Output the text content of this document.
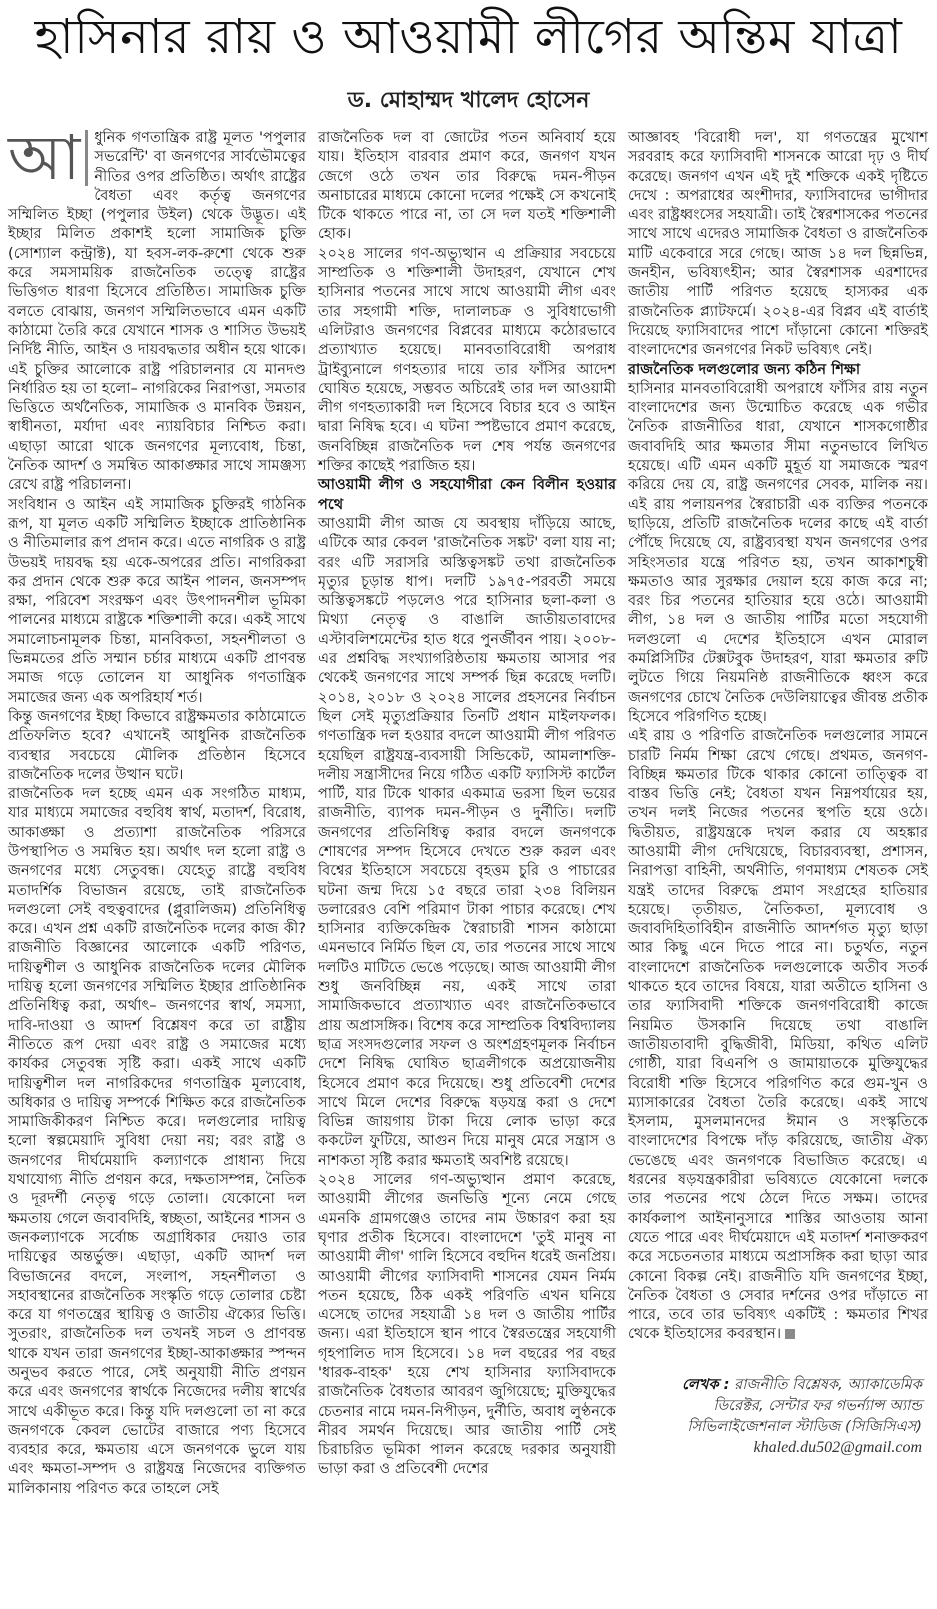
হাসিনার রায় ও আওয়ামী লীগের অন্তিম যাত্রা
ড. মোহাম্মদ খালেদ হোসেন
আ ধুনিক গণতান্ত্রিক রাষ্ট্র মূলত 'পপুলার সভরেন্টি' বা জনগণের সার্বভৌমত্বের নীতির ওপর প্রতিষ্ঠিত। অর্থাৎ রাষ্ট্রের বৈধতা এবং কর্তৃত্ব জনগণের সম্মিলিত ইচ্ছা (পপুলার উইল) থেকে উদ্ভূত। এই ইচ্ছার মিলিত প্রকাশই হলো সামাজিক চুক্তি (সোশ্যাল কন্ট্রাক্ট), যা হবস-লক-রুশো থেকে শুরু করে সমসাময়িক রাজনৈতিক তত্ত্বে রাষ্ট্রের ভিত্তিগত ধারণা হিসেবে প্রতিষ্ঠিত। সামাজিক চুক্তি বলতে বোঝায়, জনগণ সম্মিলিতভাবে এমন একটি কাঠামো তৈরি করে যেখানে শাসক ও শাসিত উভয়ই নির্দিষ্ট নীতি, আইন ও দায়বদ্ধতার অধীন হয়ে থাকে। এই চুক্তির আলোকে রাষ্ট্র পরিচালনার যে মানদণ্ড নির্ধারিত হয় তা হলো– নাগরিকের নিরাপত্তা, সমতার ভিত্তিতে অর্থনৈতিক, সামাজিক ও মানবিক উন্নয়ন, স্বাধীনতা, মর্যাদা এবং ন্যায়বিচার নিশ্চিত করা। এছাড়া আরো থাকে জনগণের মূল্যবোধ, চিন্তা, নৈতিক আদর্শ ও সমন্বিত আকাঙ্ক্ষার সাথে সামঞ্জস্য রেখে রাষ্ট্র পরিচালনা।

সংবিধান ও আইন এই সামাজিক চুক্তিরই গাঠনিক রূপ, যা মূলত একটি সম্মিলিত ইচ্ছাকে প্রাতিষ্ঠানিক ও নীতিমালার রূপ প্রদান করে। এতে নাগরিক ও রাষ্ট্র উভয়ই দায়বদ্ধ হয় একে-অপরের প্রতি। নাগরিকরা কর প্রদান থেকে শুরু করে আইন পালন, জনসম্পদ রক্ষা, পরিবেশ সংরক্ষণ এবং উৎপাদনশীল ভূমিকা পালনের মাধ্যমে রাষ্ট্রকে শক্তিশালী করে। একই সাথে সমালোচনামূলক চিন্তা, মানবিকতা, সহনশীলতা ও ভিন্নমতের প্রতি সম্মান চর্চার মাধ্যমে একটি প্রাণবন্ত সমাজ গড়ে তোলেন যা আধুনিক গণতান্ত্রিক সমাজের জন্য এক অপরিহার্য শর্ত।

কিন্তু জনগণের ইচ্ছা কিভাবে রাষ্ট্রক্ষমতার কাঠামোতে প্রতিফলিত হবে? এখানেই আধুনিক রাজনৈতিক ব্যবস্থার সবচেয়ে মৌলিক প্রতিষ্ঠান হিসেবে রাজনৈতিক দলের উত্থান ঘটে।

রাজনৈতিক দল হচ্ছে এমন এক সংগঠিত মাধ্যম, যার মাধ্যমে সমাজের বহুবিধ স্বার্থ, মতাদর্শ, বিরোধ, আকাঙ্ক্ষা ও প্রত্যাশা রাজনৈতিক পরিসরে উপস্থাপিত ও সমন্বিত হয়। অর্থাৎ দল হলো রাষ্ট্র ও জনগণের মধ্যে সেতুবন্ধ। যেহেতু রাষ্ট্রে বহুবিধ মতাদর্শিক বিভাজন রয়েছে, তাই রাজনৈতিক দলগুলো সেই বহুত্ববাদের (প্লুরালিজম) প্রতিনিধিত্ব করে। এখন প্রশ্ন একটি রাজনৈতিক দলের কাজ কী? রাজনীতি বিজ্ঞানের আলোকে একটি পরিণত, দায়িত্বশীল ও আধুনিক রাজনৈতিক দলের মৌলিক দায়িত্ব হলো জনগণের সম্মিলিত ইচ্ছার প্রাতিষ্ঠানিক প্রতিনিধিত্ব করা, অর্থাৎ– জনগণের স্বার্থ, সমস্যা, দাবি-দাওয়া ও আদর্শ বিশ্লেষণ করে তা রাষ্ট্রীয় নীতিতে রূপ দেয়া এবং রাষ্ট্র ও সমাজের মধ্যে কার্যকর সেতুবন্ধ সৃষ্টি করা। একই সাথে একটি দায়িত্বশীল দল নাগরিকদের গণতান্ত্রিক মূল্যবোধ, অধিকার ও দায়িত্ব সম্পর্কে শিক্ষিত করে রাজনৈতিক সামাজিকীকরণ নিশ্চিত করে। দলগুলোর দায়িত্ব হলো স্বল্পমেয়াদি সুবিধা দেয়া নয়; বরং রাষ্ট্র ও জনগণের দীর্ঘমেয়াদি কল্যাণকে প্রাধান্য দিয়ে যথাযোগ্য নীতি প্রণয়ন করে, দক্ষতাসম্পন্ন, নৈতিক ও দূরদর্শী নেতৃত্ব গড়ে তোলা। যেকোনো দল ক্ষমতায় গেলে জবাবদিহি, স্বচ্ছতা, আইনের শাসন ও জনকল্যাণকে সর্বোচ্চ অগ্রাধিকার দেয়াও তার দায়িত্বের অন্তর্ভুক্ত। এছাড়া, একটি আদর্শ দল বিভাজনের বদলে, সংলাপ, সহনশীলতা ও সহাবস্থানের রাজনৈতিক সংস্কৃতি গড়ে তোলার চেষ্টা করে যা গণতন্ত্রের স্থায়িত্ব ও জাতীয় ঐক্যের ভিত্তি। সুতরাং, রাজনৈতিক দল তখনই সচল ও প্রাণবন্ত থাকে যখন তারা জনগণের ইচ্ছা-আকাঙ্ক্ষার স্পন্দন অনুভব করতে পারে, সেই অনুযায়ী নীতি প্রণয়ন করে এবং জনগণের স্বার্থকে নিজেদের দলীয় স্বার্থের সাথে একীভূত করে। কিন্তু যদি দলগুলো তা না করে জনগণকে কেবল ভোটের বাজারে পণ্য হিসেবে ব্যবহার করে, ক্ষমতায় এসে জনগণকে ভুলে যায় এবং ক্ষমতা-সম্পদ ও রাষ্ট্রযন্ত্র নিজেদের ব্যক্তিগত মালিকানায় পরিণত করে তাহলে সেই

রাজনৈতিক দল বা জোটের পতন অনিবার্য হয়ে যায়। ইতিহাস বারবার প্রমাণ করে, জনগণ যখন জেগে ওঠে তখন তার বিরুদ্ধে দমন-পীড়ন অনাচারের মাধ্যমে কোনো দলের পক্ষেই সে কখনোই টিকে থাকতে পারে না, তা সে দল যতই শক্তিশালী হোক।

২০২৪ সালের গণ-অভ্যুত্থান এ প্রক্রিয়ার সবচেয়ে সাম্প্রতিক ও শক্তিশালী উদাহরণ, যেখানে শেখ হাসিনার পতনের সাথে সাথে আওয়ামী লীগ এবং তার সহগামী শক্তি, দালালচক্র ও সুবিধাভোগী এলিটরাও জনগণের বিপ্লবের মাধ্যমে কঠোরভাবে প্রত্যাখ্যাত হয়েছে। মানবতাবিরোধী অপরাধ ট্রাইব্যুনালে গণহত্যার দায়ে তার ফাঁসির আদেশ ঘোষিত হয়েছে, সম্ভবত অচিরেই তার দল আওয়ামী লীগ গণহত্যাকারী দল হিসেবে বিচার হবে ও আইন দ্বারা নিষিদ্ধ হবে। এ ঘটনা স্পষ্টভাবে প্রমাণ করেছে, জনবিচ্ছিন্ন রাজনৈতিক দল শেষ পর্যন্ত জনগণের শক্তির কাছেই পরাজিত হয়।

আওয়ামী লীগ ও সহযোগীরা কেন বিলীন হওয়ার পথে

আওয়ামী লীগ আজ যে অবস্থায় দাঁড়িয়ে আছে, এটিকে আর কেবল 'রাজনৈতিক সঙ্কট' বলা যায় না; বরং এটি সরাসরি অস্তিত্বসঙ্কট তথা রাজনৈতিক মৃত্যুর চূড়ান্ত ধাপ। দলটি ১৯৭৫-পরবর্তী সময়ে অস্তিত্বসঙ্কটে পড়লেও পরে হাসিনার ছলা-কলা ও মিথ্যা নেতৃত্ব ও বাঙালি জাতীয়তাবাদের এস্টাবলিশমেন্টের হাত ধরে পুনর্জীবন পায়। ২০০৮-এর প্রশ্নবিদ্ধ সংখ্যাগরিষ্ঠতায় ক্ষমতায় আসার পর থেকেই জনগণের সাথে সম্পর্ক ছিন্ন করেছে দলটি। ২০১৪, ২০১৮ ও ২০২৪ সালের প্রহসনের নির্বাচন ছিল সেই মৃত্যুপ্রক্রিয়ার তিনটি প্রধান মাইলফলক। গণতান্ত্রিক দল হওয়ার বদলে আওয়ামী লীগ পরিণত হয়েছিল রাষ্ট্রযন্ত্র-ব্যবসায়ী সিন্ডিকেট, আমলাশক্তি-দলীয় সন্ত্রাসীদের নিয়ে গঠিত একটি ফ্যাসিস্ট কার্টেল পার্টি, যার টিকে থাকার একমাত্র ভরসা ছিল ভয়ের রাজনীতি, ব্যাপক দমন-পীড়ন ও দুর্নীতি। দলটি জনগণের প্রতিনিধিত্ব করার বদলে জনগণকে শোষণের সম্পদ হিসেবে দেখতে শুরু করল এবং বিশ্বের ইতিহাসে সবচেয়ে বৃহত্তম চুরি ও পাচারের ঘটনা জন্ম দিয়ে ১৫ বছরে তারা ২৩৪ বিলিয়ন ডলারেরও বেশি পরিমাণ টাকা পাচার করেছে। শেখ হাসিনার ব্যক্তিকেন্দ্রিক স্বৈরাচারী শাসন কাঠামো এমনভাবে নির্মিত ছিল যে, তার পতনের সাথে সাথে দলটিও মাটিতে ভেঙে পড়েছে। আজ আওয়ামী লীগ শুধু জনবিচ্ছিন্ন নয়, একই সাথে তারা সামাজিকভাবে প্রত্যাখ্যাত এবং রাজনৈতিকভাবে প্রায় অপ্রাসঙ্গিক। বিশেষ করে সাম্প্রতিক বিশ্ববিদ্যালয় ছাত্র সংসদগুলোর সফল ও অংশগ্রহণমূলক নির্বাচন দেশে নিষিদ্ধ ঘোষিত ছাত্রলীগকে অপ্রয়োজনীয় হিসেবে প্রমাণ করে দিয়েছে। শুধু প্রতিবেশী দেশের সাথে মিলে দেশের বিরুদ্ধে ষড়যন্ত্র করা ও দেশে বিভিন্ন জায়গায় টাকা দিয়ে লোক ভাড়া করে ককটেল ফুটিয়ে, আগুন দিয়ে মানুষ মেরে সন্ত্রাস ও নাশকতা সৃষ্টি করার ক্ষমতাই অবশিষ্ট রয়েছে।

২০২৪ সালের গণ-অভ্যুত্থান প্রমাণ করেছে, আওয়ামী লীগের জনভিত্তি শূন্যে নেমে গেছে এমনকি গ্রামগঞ্জেও তাদের নাম উচ্চারণ করা হয় ঘৃণার প্রতীক হিসেবে। বাংলাদেশে 'তুই মানুষ না আওয়ামী লীগ' গালি হিসেবে বহুদিন ধরেই জনপ্রিয়।

আওয়ামী লীগের ফ্যাসিবাদী শাসনের যেমন নির্মম পতন হয়েছে, ঠিক একই পরিণতি এখন ঘনিয়ে এসেছে তাদের সহযাত্রী ১৪ দল ও জাতীয় পার্টির জন্য। এরা ইতিহাসে স্থান পাবে স্বৈরতন্ত্রের সহযোগী গৃহপালিত দাস হিসেবে। ১৪ দল বছরের পর বছর 'ধারক-বাহক' হয়ে শেখ হাসিনার ফ্যাসিবাদকে রাজনৈতিক বৈধতার আবরণ জুগিয়েছে; মুক্তিযুদ্ধের চেতনার নামে দমন-নিপীড়ন, দুর্নীতি, অবাধ লুণ্ঠনকে নীরব সমর্থন দিয়েছে। আর জাতীয় পার্টি সেই চিরাচরিত ভূমিকা পালন করেছে দরকার অনুযায়ী ভাড়া করা ও প্রতিবেশী দেশের

আজ্ঞাবহ 'বিরোধী দল', যা গণতন্ত্রের মুখোশ সরবরাহ করে ফ্যাসিবাদী শাসনকে আরো দৃঢ় ও দীর্ঘ করেছে। জনগণ এখন এই দুই শক্তিকে একই দৃষ্টিতে দেখে : অপরাধের অংশীদার, ফ্যাসিবাদের ভাগীদার এবং রাষ্ট্রধ্বংসের সহযাত্রী। তাই স্বৈরশাসকের পতনের সাথে সাথে এদেরও সামাজিক বৈধতা ও রাজনৈতিক মাটি একেবারে সরে গেছে। আজ ১৪ দল ছিন্নভিন্ন, জনহীন, ভবিষ্যৎহীন; আর স্বৈরশাসক এরশাদের জাতীয় পার্টি পরিণত হয়েছে হাস্যকর এক রাজনৈতিক প্ল্যাটফর্মে। ২০২৪-এর বিপ্লব এই বার্তাই দিয়েছে ফ্যাসিবাদের পাশে দাঁড়ানো কোনো শক্তিরই বাংলাদেশের জনগণের নিকট ভবিষ্যৎ নেই।

রাজনৈতিক দলগুলোর জন্য কঠিন শিক্ষা

হাসিনার মানবতাবিরোধী অপরাধে ফাঁসির রায় নতুন বাংলাদেশের জন্য উন্মোচিত করেছে এক গভীর নৈতিক রাজনীতির ধারা, যেখানে শাসকগোষ্ঠীর জবাবদিহি আর ক্ষমতার সীমা নতুনভাবে লিখিত হয়েছে। এটি এমন একটি মুহূর্ত যা সমাজকে স্মরণ করিয়ে দেয় যে, রাষ্ট্র জনগণের সেবক, মালিক নয়। এই রায় পলায়নপর স্বৈরাচারী এক ব্যক্তির পতনকে ছাড়িয়ে, প্রতিটি রাজনৈতিক দলের কাছে এই বার্তা পৌঁছে দিয়েছে যে, রাষ্ট্রব্যবস্থা যখন জনগণের ওপর সহিংসতার যন্ত্রে পরিণত হয়, তখন আকাশচুম্বী ক্ষমতাও আর সুরক্ষার দেয়াল হয়ে কাজ করে না; বরং চির পতনের হাতিয়ার হয়ে ওঠে। আওয়ামী লীগ, ১৪ দল ও জাতীয় পার্টির মতো সহযোগী দলগুলো এ দেশের ইতিহাসে এখন মোরাল কমপ্লিসিটির টেক্সটবুক উদাহরণ, যারা ক্ষমতার রুটি লুটতে গিয়ে নিয়মনিষ্ঠ রাজনীতিকে ধ্বংস করে জনগণের চোখে নৈতিক দেউলিয়াত্বের জীবন্ত প্রতীক হিসেবে পরিগণিত হচ্ছে।

এই রায় ও পরিণতি রাজনৈতিক দলগুলোর সামনে চারটি নির্মম শিক্ষা রেখে গেছে। প্রথমত, জনগণ-বিচ্ছিন্ন ক্ষমতার টিকে থাকার কোনো তাত্ত্বিক বা বাস্তব ভিত্তি নেই; বৈধতা যখন নিম্নপর্যায়ের হয়, তখন দলই নিজের পতনের স্থপতি হয়ে ওঠে। দ্বিতীয়ত, রাষ্ট্রযন্ত্রকে দখল করার যে অহঙ্কার আওয়ামী লীগ দেখিয়েছে, বিচারব্যবস্থা, প্রশাসন, নিরাপত্তা বাহিনী, অর্থনীতি, গণমাধ্যম শেষতক সেই যন্ত্রই তাদের বিরুদ্ধে প্রমাণ সংগ্রহের হাতিয়ার হয়েছে। তৃতীয়ত, নৈতিকতা, মূল্যবোধ ও জবাবদিহিতাবিহীন রাজনীতি আদর্শগত মৃত্যু ছাড়া আর কিছু এনে দিতে পারে না। চতুর্থত, নতুন বাংলাদেশে রাজনৈতিক দলগুলোকে অতীব সতর্ক থাকতে হবে তাদের বিষয়ে, যারা অতীতে হাসিনা ও তার ফ্যাসিবাদী শক্তিকে জনগণবিরোধী কাজে নিয়মিত উসকানি দিয়েছে তথা বাঙালি জাতীয়তাবাদী বুদ্ধিজীবী, মিডিয়া, কথিত এলিট গোষ্ঠী, যারা বিএনপি ও জামায়াতকে মুক্তিযুদ্ধের বিরোধী শক্তি হিসেবে পরিগণিত করে গুম-খুন ও ম্যাসাকারের বৈধতা তৈরি করেছে। একই সাথে ইসলাম, মুসলমানদের ঈমান ও সংস্কৃতিকে বাংলাদেশের বিপক্ষে দাঁড় করিয়েছে, জাতীয় ঐক্য ভেঙেছে এবং জনগণকে বিভাজিত করেছে। এ ধরনের ষড়যন্ত্রকারীরা ভবিষ্যতে যেকোনো দলকে তার পতনের পথে ঠেলে দিতে সক্ষম। তাদের কার্যকলাপ আইনানুসারে শাস্তির আওতায় আনা যেতে পারে এবং দীর্ঘমেয়াদে এই মতাদর্শ শনাক্তকরণ করে সচেতনতার মাধ্যমে অপ্রাসঙ্গিক করা ছাড়া আর কোনো বিকল্প নেই। রাজনীতি যদি জনগণের ইচ্ছা, নৈতিক বৈধতা ও সেবার দর্শনের ওপর দাঁড়াতে না পারে, তবে তার ভবিষ্যৎ একটিই : ক্ষমতার শিখর থেকে ইতিহাসের কবরস্থান।

লেখক : রাজনীতি বিশ্লেষক, অ্যাকাডেমিক ডিরেক্টর, সেন্টার ফর গভর্ন্যান্স অ্যান্ড সিভিলাইজেশনাল স্টাডিজ (সিজিসিএস)
khaled.du502@gmail.com
